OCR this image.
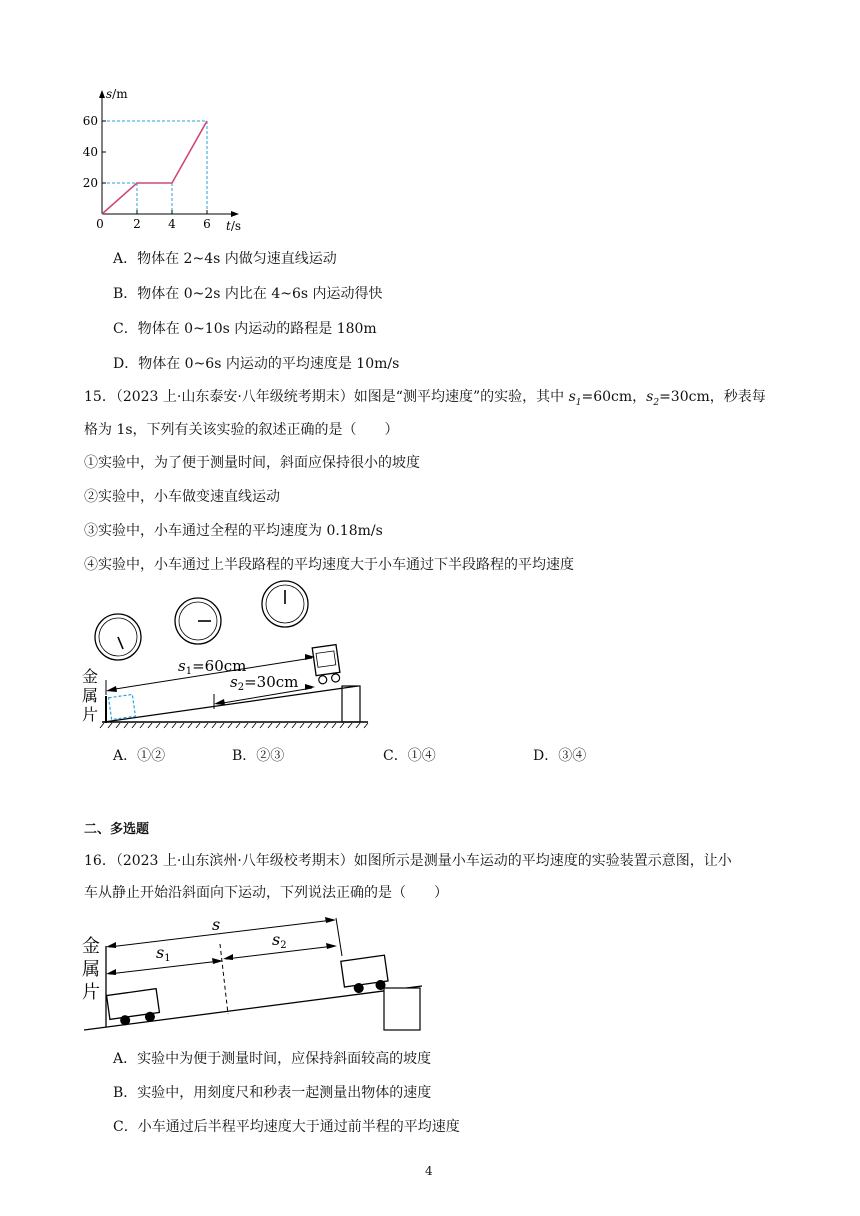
60
40
20
0 2 4 6
s/m
t/s
A．物体在 2~4s 内做匀速直线运动
B．物体在 0~2s 内比在 4~6s 内运动得快
C．物体在 0~10s 内运动的路程是 180m
D．物体在 0~6s 内运动的平均速度是 10m/s
15．（2023 上·山东泰安·八年级统考期末）如图是“测平均速度”的实验，其中 $s_1=60cm$，$s_2=30cm$，秒表每
格为 1s，下列有关该实验的叙述正确的是（　　）
①实验中，为了便于测量时间，斜面应保持很小的坡度
②实验中，小车做变速直线运动
③实验中，小车通过全程的平均速度为 0.18m/s
④实验中，小车通过上半段路程的平均速度大于小车通过下半段路程的平均速度
$s_1=60cm$
$s_2=30cm$
金
属
片
A．①②	B．②③	C．①④	D．③④
二、多选题
16．（2023 上·山东滨州·八年级校考期末）如图所示是测量小车运动的平均速度的实验装置示意图，让小
车从静止开始沿斜面向下运动，下列说法正确的是（　　）
s
s1
s2
金
属
片
A．实验中为便于测量时间，应保持斜面较高的坡度
B．实验中，用刻度尺和秒表一起测量出物体的速度
C．小车通过后半程平均速度大于通过前半程的平均速度
4
